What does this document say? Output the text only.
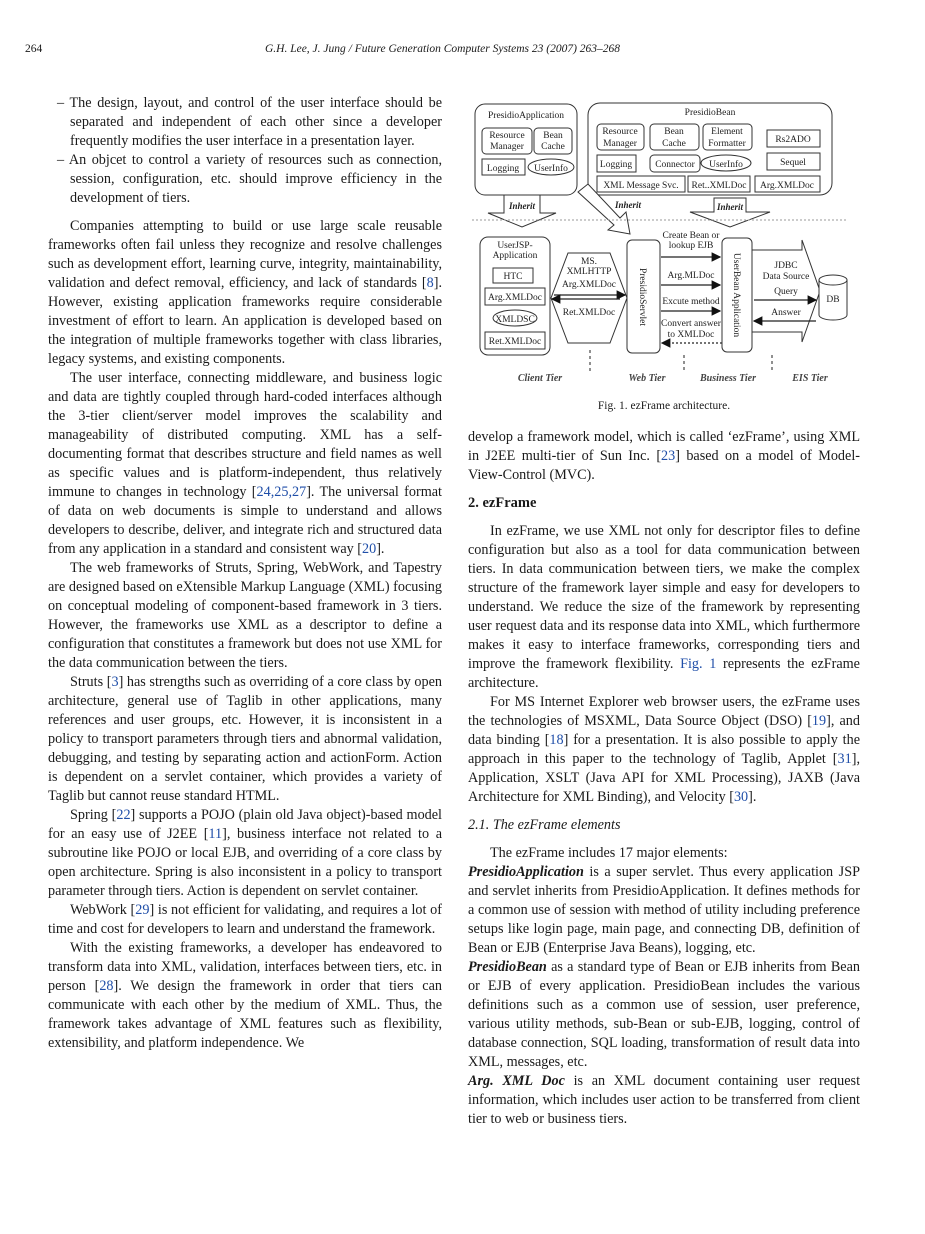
264	G.H. Lee, J. Jung / Future Generation Computer Systems 23 (2007) 263–268
– The design, layout, and control of the user interface should be separated and independent of each other since a developer frequently modifies the user interface in a presentation layer.
– An objcet to control a variety of resources such as connection, session, configuration, etc. should improve efficiency in the development of tiers.

Companies attempting to build or use large scale reusable frameworks often fail unless they recognize and resolve challenges such as development effort, learning curve, integrity, maintainability, validation and defect removal, efficiency, and lack of standards [8]. However, existing application frameworks require considerable investment of effort to learn. An application is developed based on the integration of multiple frameworks together with class libraries, legacy systems, and existing components.

The user interface, connecting middleware, and business logic and data are tightly coupled through hard-coded interfaces although the 3-tier client/server model improves the scalability and manageability of distributed computing. XML has a self-documenting format that describes structure and field names as well as specific values and is platform-independent, thus relatively immune to changes in technology [24,25,27]. The universal format of data on web documents is simple to understand and allows developers to describe, deliver, and integrate rich and structured data from any application in a standard and consistent way [20].

The web frameworks of Struts, Spring, WebWork, and Tapestry are designed based on eXtensible Markup Language (XML) focusing on conceptual modeling of component-based framework in 3 tiers. However, the frameworks use XML as a descriptor to define a configuration that constitutes a framework but does not use XML for the data communication between the tiers.

Struts [3] has strengths such as overriding of a core class by open architecture, general use of Taglib in other applications, many references and user groups, etc. However, it is inconsistent in a policy to transport parameters through tiers and abnormal validation, debugging, and testing by separating action and actionForm. Action is dependent on a servlet container, which provides a variety of Taglib but cannot reuse standard HTML.

Spring [22] supports a POJO (plain old Java object)-based model for an easy use of J2EE [11], business interface not related to a subroutine like POJO or local EJB, and overriding of a core class by open architecture. Spring is also inconsistent in a policy to transport parameter through tiers. Action is dependent on servlet container.

WebWork [29] is not efficient for validating, and requires a lot of time and cost for developers to learn and understand the framework.

With the existing frameworks, a developer has endeavored to transform data into XML, validation, interfaces between tiers, etc. in person [28]. We design the framework in order that tiers can communicate with each other by the medium of XML. Thus, the framework takes advantage of XML features such as flexibility, extensibility, and platform independence. We

PresidioApplication
Resource
Manager
Bean
Cache
Logging UserInfo
PresidioBean
Resource
Manager
Bean
Cache
Element
Formatter	Rs2ADO
Logging Connector UserInfo	Sequel
XML Message Svc. Ret..XMLDoc Arg.XMLDoc
Inherit	Inherit	Inherit
UserJSP-
Application
HTC
Arg.XMLDoc
XMLDSC
Ret.XMLDoc
MS.
XMLHTTP
Arg.XMLDoc
Ret.XMLDoc PresidioServlet
Create Bean or
lookup EJB
Arg.MLDoc
Excute method
Convert answer
to XMLDoc UserBean Application	JDBC
Data Source
Query
Answer
DB
Client Tier	Web Tier	Business Tier	EIS Tier
Fig. 1. ezFrame architecture.

develop a framework model, which is called ‘ezFrame’, using XML in J2EE multi-tier of Sun Inc. [23] based on a model of Model-View-Control (MVC).

2. ezFrame

In ezFrame, we use XML not only for descriptor files to define configuration but also as a tool for data communication between tiers. In data communication between tiers, we make the complex structure of the framework layer simple and easy for developers to understand. We reduce the size of the framework by representing user request data and its response data into XML, which furthermore makes it easy to interface frameworks, corresponding tiers and improve the framework flexibility. Fig. 1 represents the ezFrame architecture.

For MS Internet Explorer web browser users, the ezFrame uses the technologies of MSXML, Data Source Object (DSO) [19], and data binding [18] for a presentation. It is also possible to apply the approach in this paper to the technology of Taglib, Applet [31], Application, XSLT (Java API for XML Processing), JAXB (Java Architecture for XML Binding), and Velocity [30].

2.1. The ezFrame elements

The ezFrame includes 17 major elements:

PresidioApplication is a super servlet. Thus every application JSP and servlet inherits from PresidioApplication. It defines methods for a common use of session with method of utility including preference setups like login page, main page, and connecting DB, definition of Bean or EJB (Enterprise Java Beans), logging, etc.

PresidioBean as a standard type of Bean or EJB inherits from Bean or EJB of every application. PresidioBean includes the various definitions such as a common use of session, user preference, various utility methods, sub-Bean or sub-EJB, logging, control of database connection, SQL loading, transformation of result data into XML, messages, etc.

Arg. XML Doc is an XML document containing user request information, which includes user action to be transferred from client tier to web or business tiers.
